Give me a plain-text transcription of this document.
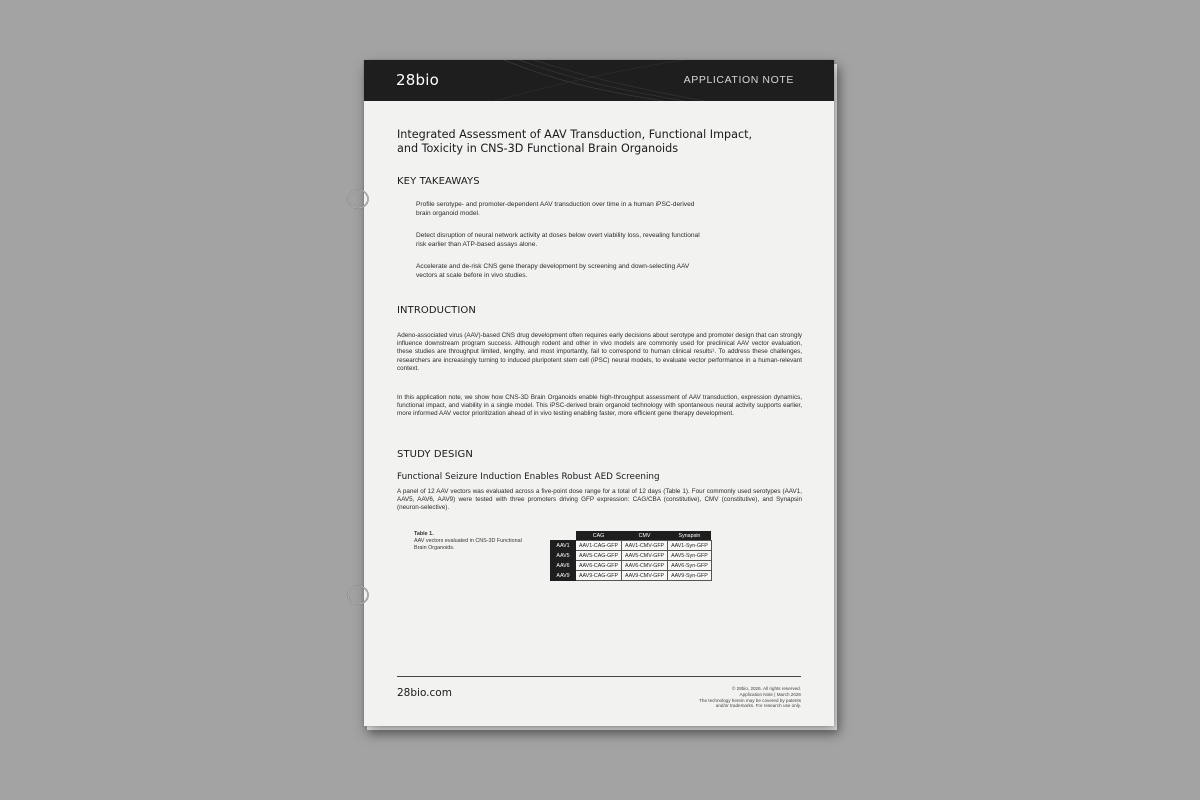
28bio	APPLICATION NOTE
Integrated Assessment of AAV Transduction, Functional Impact, and Toxicity in CNS-3D Functional Brain Organoids
KEY TAKEAWAYS
Profile serotype- and promoter-dependent AAV transduction over time in a human iPSC-derived brain organoid model.
Detect disruption of neural network activity at doses below overt viability loss, revealing functional risk earlier than ATP-based assays alone.
Accelerate and de-risk CNS gene therapy development by screening and down-selecting AAV vectors at scale before in vivo studies.
INTRODUCTION
Adeno-associated virus (AAV)-based CNS drug development often requires early decisions about serotype and promoter design that can strongly influence downstream program success. Although rodent and other in vivo models are commonly used for preclinical AAV vector evaluation, these studies are throughput limited, lengthy, and most importantly, fail to correspond to human clinical results¹. To address these challenges, researchers are increasingly turning to induced pluripotent stem cell (iPSC) neural models, to evaluate vector performance in a human-relevant context.
In this application note, we show how CNS-3D Brain Organoids enable high-throughput assessment of AAV transduction, expression dynamics, functional impact, and viability in a single model. This iPSC-derived brain organoid technology with spontaneous neural activity supports earlier, more informed AAV vector prioritization ahead of in vivo testing enabling faster, more efficient gene therapy development.
STUDY DESIGN
Functional Seizure Induction Enables Robust AED Screening
A panel of 12 AAV vectors was evaluated across a five-point dose range for a total of 12 days (Table 1). Four commonly used serotypes (AAV1, AAV5, AAV6, AAV9) were tested with three promoters driving GFP expression: CAG/CBA (constitutive), CMV (constitutive), and Synapsin (neuron-selective).
Table 1.
AAV vectors evaluated in CNS-3D Functional Brain Organoids.
	CAG	CMV	Synapsin
AAV1	AAV1-CAG-GFP	AAV1-CMV-GFP	AAV1-Syn-GFP
AAV5	AAV5-CAG-GFP	AAV5-CMV-GFP	AAV5-Syn-GFP
AAV6	AAV6-CAG-GFP	AAV6-CMV-GFP	AAV6-Syn-GFP
AAV9	AAV9-CAG-GFP	AAV9-CMV-GFP	AAV9-Syn-GFP
28bio.com	© 28bio, 2026. All rights reserved.
Application Note | March 2026
The technology herein may be covered by patents
and/or trademarks. For research use only.
